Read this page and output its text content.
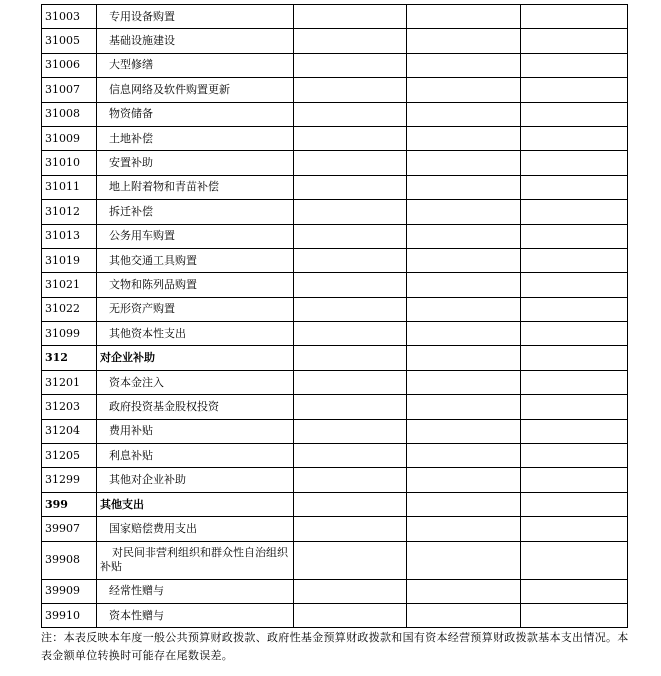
31003	专用设备购置			
31005	基础设施建设			
31006	大型修缮			
31007	信息网络及软件购置更新			
31008	物资储备			
31009	土地补偿			
31010	安置补助			
31011	地上附着物和青苗补偿			
31012	拆迁补偿			
31013	公务用车购置			
31019	其他交通工具购置			
31021	文物和陈列品购置			
31022	无形资产购置			
31099	其他资本性支出			
312	对企业补助			
31201	资本金注入			
31203	政府投资基金股权投资			
31204	费用补贴			
31205	利息补贴			
31299	其他对企业补助			
399	其他支出			
39907	国家赔偿费用支出			
39908	对民间非营利组织和群众性自治组织补贴			
39909	经常性赠与			
39910	资本性赠与			
注：本表反映本年度一般公共预算财政拨款、政府性基金预算财政拨款和国有资本经营预算财政拨款基本支出情况。本表金额单位转换时可能存在尾数误差。
